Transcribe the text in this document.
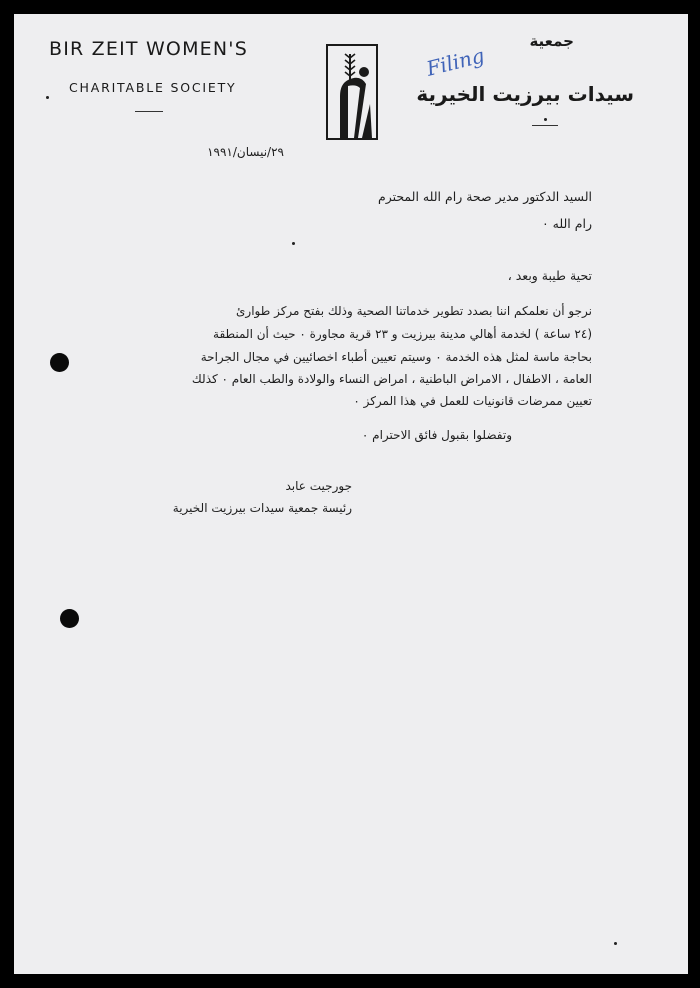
BIR ZEIT WOMEN'S
CHARITABLE SOCIETY
Filing
جمعية
سيدات بيرزيت الخيرية
٢٩/نيسان/١٩٩١
السيد الدكتور مدير صحة رام الله المحترم
رام الله ٠
تحية طيبة وبعد ،
نرجو أن نعلمكم اننا بصدد تطوير خدماتنا الصحية وذلك بفتح مركز طوارئ
(٢٤ ساعة ) لخدمة أهالي مدينة بيرزيت و ٢٣ قرية مجاورة ٠ حيث أن المنطقة
بحاجة ماسة لمثل هذه الخدمة ٠ وسيتم تعيين أطباء اخصائيين في مجال الجراحة
العامة ، الاطفال ، الامراض الباطنية ، امراض النساء والولادة والطب العام ٠ كذلك
تعيين ممرضات قانونيات للعمل في هذا المركز ٠
وتفضلوا بقبول فائق الاحترام ٠
جورجيت عابد
رئيسة جمعية سيدات بيرزيت الخيرية
